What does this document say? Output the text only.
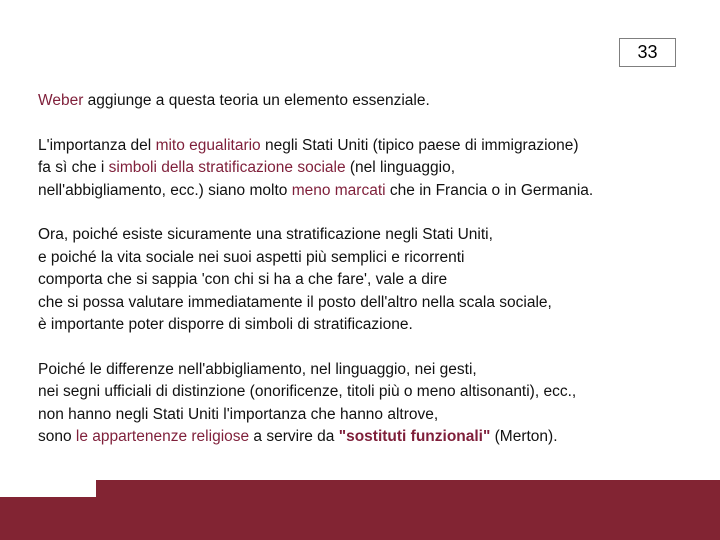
33

Weber aggiunge a questa teoria un elemento essenziale.

L'importanza del mito egualitario negli Stati Uniti (tipico paese di immigrazione)
fa sì che i simboli della stratificazione sociale (nel linguaggio,
nell'abbigliamento, ecc.) siano molto meno marcati che in Francia o in Germania.

Ora, poiché esiste sicuramente una stratificazione negli Stati Uniti,
e poiché la vita sociale nei suoi aspetti più semplici e ricorrenti
comporta che si sappia 'con chi si ha a che fare', vale a dire
che si possa valutare immediatamente il posto dell'altro nella scala sociale,
è importante poter disporre di simboli di stratificazione.

Poiché le differenze nell'abbigliamento, nel linguaggio, nei gesti,
nei segni ufficiali di distinzione (onorificenze, titoli più o meno altisonanti), ecc.,
non hanno negli Stati Uniti l'importanza che hanno altrove,
sono le appartenenze religiose a servire da "sostituti funzionali" (Merton).
